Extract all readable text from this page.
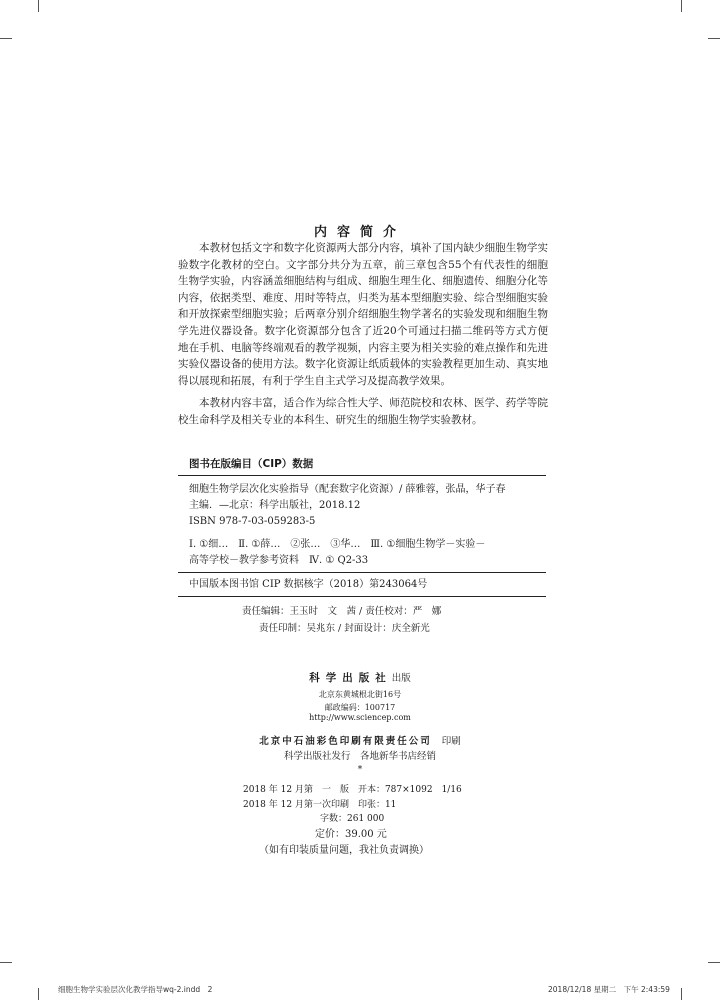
内容简介
本教材包括文字和数字化资源两大部分内容，填补了国内缺少细胞生物学实验数字化教材的空白。文字部分共分为五章，前三章包含55个有代表性的细胞生物学实验，内容涵盖细胞结构与组成、细胞生理生化、细胞遗传、细胞分化等内容，依据类型、难度、用时等特点，归类为基本型细胞实验、综合型细胞实验和开放探索型细胞实验；后两章分别介绍细胞生物学著名的实验发现和细胞生物学先进仪器设备。数字化资源部分包含了近20个可通过扫描二维码等方式方便地在手机、电脑等终端观看的教学视频，内容主要为相关实验的难点操作和先进实验仪器设备的使用方法。数字化资源让纸质载体的实验教程更加生动、真实地得以展现和拓展，有利于学生自主式学习及提高教学效果。
本教材内容丰富，适合作为综合性大学、师范院校和农林、医学、药学等院校生命科学及相关专业的本科生、研究生的细胞生物学实验教材。
图书在版编目（CIP）数据
细胞生物学层次化实验指导（配套数字化资源）/ 薛雅蓉，张晶，华子春
主编．—北京：科学出版社，2018.12
ISBN 978-7-03-059283-5
Ⅰ. ①细…　Ⅱ. ①薛…　②张…　③华…　Ⅲ. ①细胞生物学－实验－
高等学校－教学参考资料　Ⅳ. ① Q2-33
中国版本图书馆 CIP 数据核字（2018）第243064号
责任编辑：王玉时　文　茜 / 责任校对：严　娜
责任印制：吴兆东 / 封面设计：庆全新光
科学出版社出版
北京东黄城根北街16号
邮政编码：100717
http://www.sciencep.com
北京中石油彩色印刷有限责任公司 印刷
科学出版社发行　各地新华书店经销
*
2018 年 12 月第　一　版　开本：787×1092　1/16
2018 年 12 月第一次印刷　印张：11
字数：261 000
定价：39.00 元
（如有印装质量问题，我社负责调换）
细胞生物学实验层次化教学指导wq-2.indd　2	2018/12/18 星期二　下午 2:43:59
